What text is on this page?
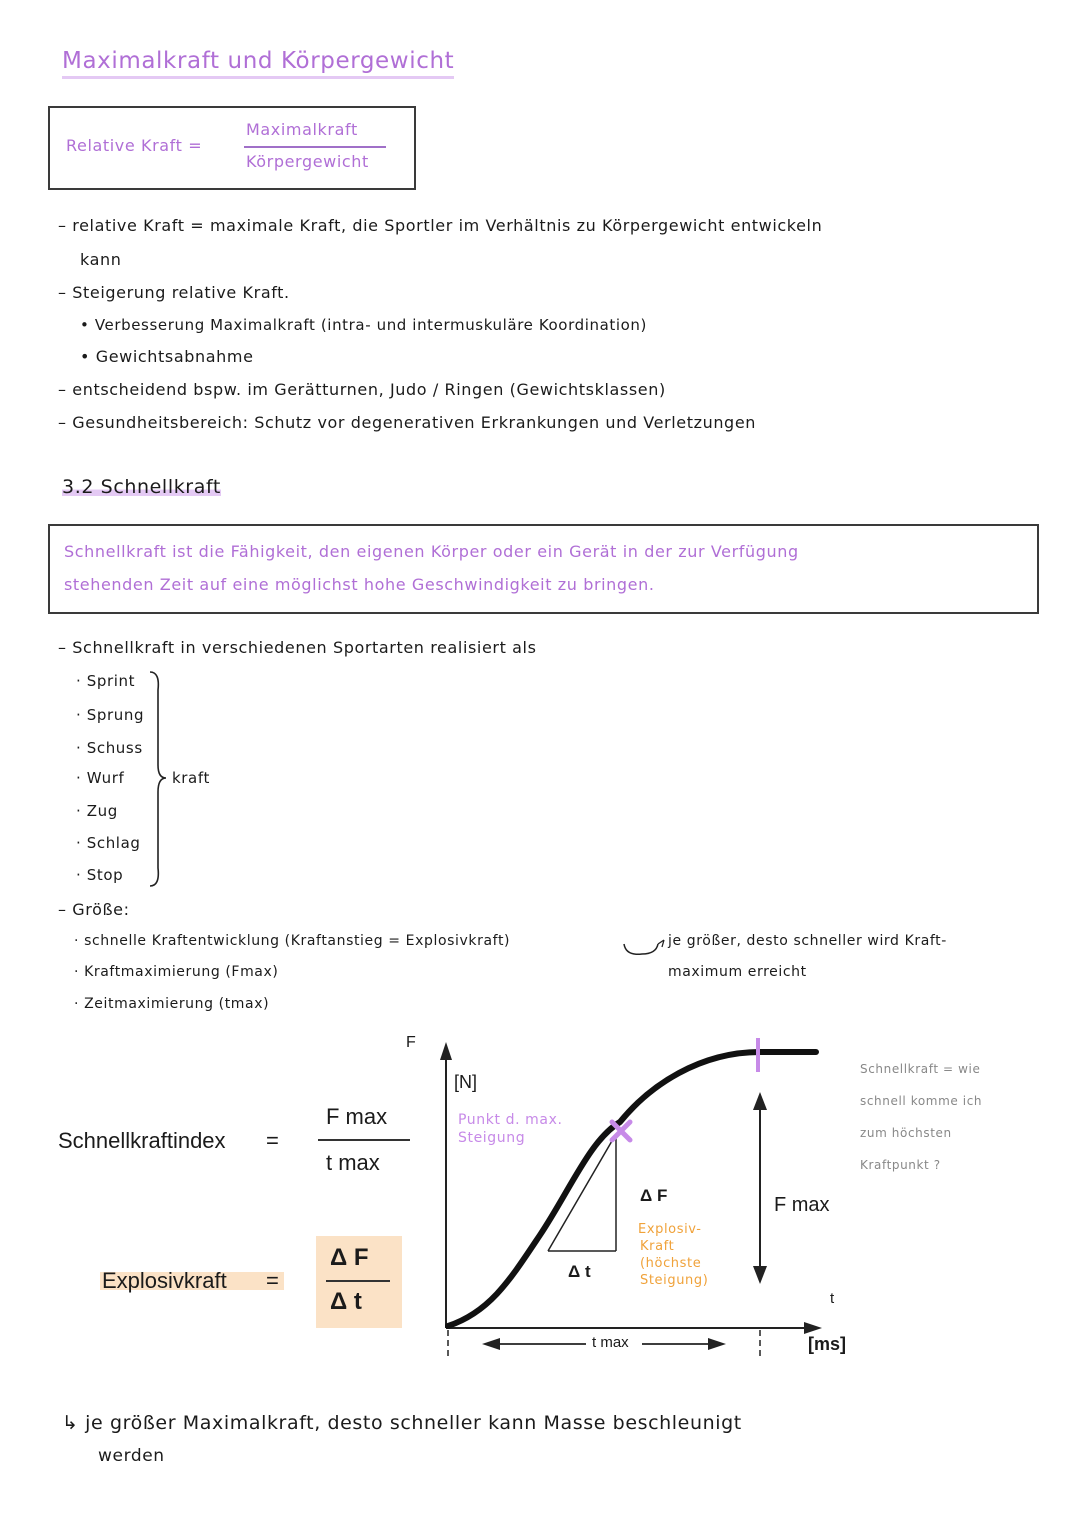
Maximalkraft und Körpergewicht
Relative Kraft =
Maximalkraft
Körpergewicht
– relative Kraft = maximale Kraft, die Sportler im Verhältnis zu Körpergewicht entwickeln
kann
– Steigerung relative Kraft.
• Verbesserung Maximalkraft (intra- und intermuskuläre Koordination)
• Gewichtsabnahme
– entscheidend bspw. im Gerätturnen, Judo / Ringen (Gewichtsklassen)
– Gesundheitsbereich: Schutz vor degenerativen Erkrankungen und Verletzungen
3.2 Schnellkraft
Schnellkraft ist die Fähigkeit, den eigenen Körper oder ein Gerät in der zur Verfügung
stehenden Zeit auf eine möglichst hohe Geschwindigkeit zu bringen.
– Schnellkraft in verschiedenen Sportarten realisiert als
· Sprint
· Sprung
· Schuss
· Wurf
· Zug
· Schlag
· Stop
kraft
– Größe:
· schnelle Kraftentwicklung (Kraftanstieg = Explosivkraft)	je größer, desto schneller wird Kraft-
· Kraftmaximierung (Fmax)	maximum erreicht
· Zeitmaximierung (tmax)
Schnellkraftindex =
F max
t max
Explosivkraft =
Δ F
Δ t
F
[N]
Punkt d. max.
Steigung
Δ F
Explosiv-
Kraft
(höchste
Steigung)
Δ t
F max
t
[ms]
t max
Schnellkraft = wie
schnell komme ich
zum höchsten
Kraftpunkt ?
↳ je größer Maximalkraft, desto schneller kann Masse beschleunigt
werden
